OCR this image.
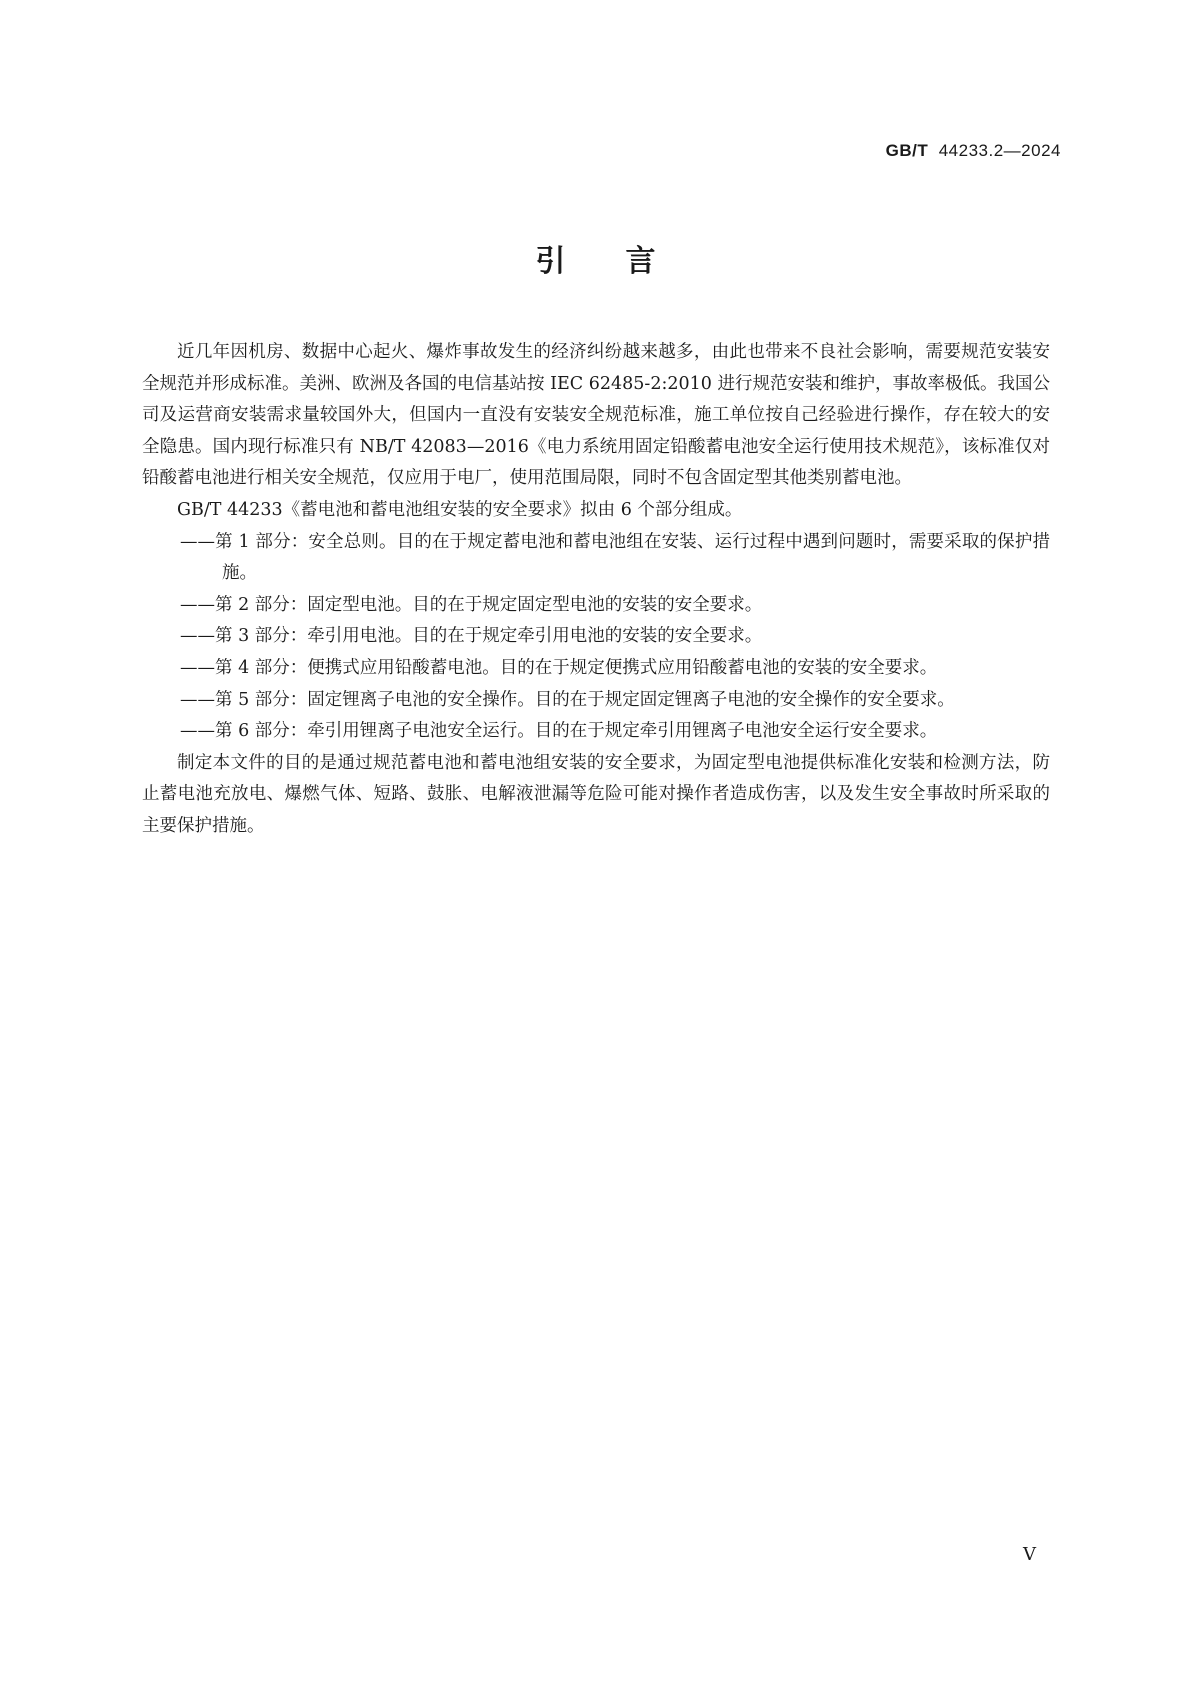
GB/T 44233.2—2024
引 言

近几年因机房、数据中心起火、爆炸事故发生的经济纠纷越来越多，由此也带来不良社会影响，需要规范安装安全规范并形成标准。美洲、欧洲及各国的电信基站按 IEC 62485-2:2010 进行规范安装和维护，事故率极低。我国公司及运营商安装需求量较国外大，但国内一直没有安装安全规范标准，施工单位按自己经验进行操作，存在较大的安全隐患。国内现行标准只有 NB/T 42083—2016《电力系统用固定铅酸蓄电池安全运行使用技术规范》，该标准仅对铅酸蓄电池进行相关安全规范，仅应用于电厂，使用范围局限，同时不包含固定型其他类别蓄电池。

GB/T 44233《蓄电池和蓄电池组安装的安全要求》拟由 6 个部分组成。

——第 1 部分：安全总则。目的在于规定蓄电池和蓄电池组在安装、运行过程中遇到问题时，需要采取的保护措施。

——第 2 部分：固定型电池。目的在于规定固定型电池的安装的安全要求。

——第 3 部分：牵引用电池。目的在于规定牵引用电池的安装的安全要求。

——第 4 部分：便携式应用铅酸蓄电池。目的在于规定便携式应用铅酸蓄电池的安装的安全要求。

——第 5 部分：固定锂离子电池的安全操作。目的在于规定固定锂离子电池的安全操作的安全要求。

——第 6 部分：牵引用锂离子电池安全运行。目的在于规定牵引用锂离子电池安全运行安全要求。

制定本文件的目的是通过规范蓄电池和蓄电池组安装的安全要求，为固定型电池提供标准化安装和检测方法，防止蓄电池充放电、爆燃气体、短路、鼓胀、电解液泄漏等危险可能对操作者造成伤害，以及发生安全事故时所采取的主要保护措施。

V
